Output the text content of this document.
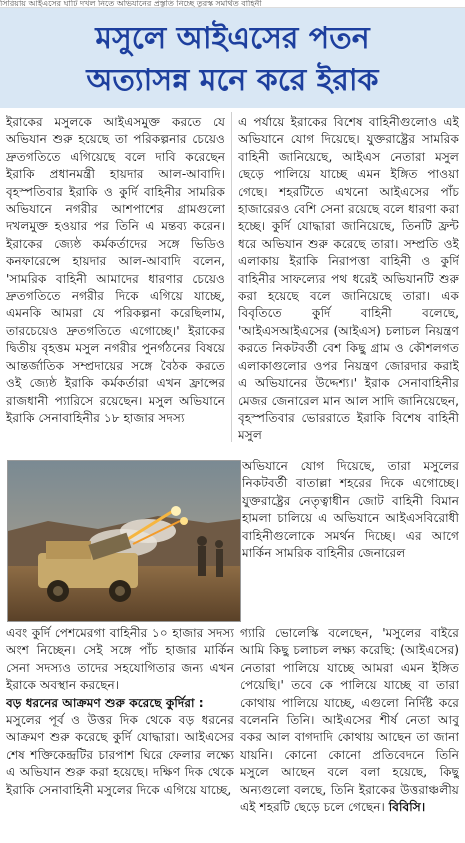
সিরিয়ায় আইএসের ঘাঁটি দখল নিতে অভিযানের প্রস্তুতি নিচ্ছে তুরস্ক সমর্থিত বাহিনী
মসুলে আইএসের পতন
অত্যাসন্ন মনে করে ইরাক

ইরাকের মসুলকে আইএসমুক্ত করতে যে অভিযান শুরু হয়েছে তা পরিকল্পনার চেয়েও দ্রুতগতিতে এগিয়েছে বলে দাবি করেছেন ইরাকি প্রধানমন্ত্রী হায়দার আল-আবাদি। বৃহস্পতিবার ইরাকি ও কুর্দি বাহিনীর সামরিক অভিযানে নগরীর আশপাশের গ্রামগুলো দখলমুক্ত হওয়ার পর তিনি এ মন্তব্য করেন। ইরাকের জ্যেষ্ঠ কর্মকর্তাদের সঙ্গে ভিডিও কনফারেন্সে হায়দার আল-আবাদি বলেন, 'সামরিক বাহিনী আমাদের ধারণার চেয়েও দ্রুতগতিতে নগরীর দিকে এগিয়ে যাচ্ছে, এমনকি আমরা যে পরিকল্পনা করেছিলাম, তারচেয়েও দ্রুতগতিতে এগোচ্ছে।' ইরাকের দ্বিতীয় বৃহত্তম মসুল নগরীর পুনর্গঠনের বিষয়ে আন্তর্জাতিক সম্প্রদায়ের সঙ্গে বৈঠক করতে ওই জ্যেষ্ঠ ইরাকি কর্মকর্তারা এখন ফ্রান্সের রাজধানী প্যারিসে রয়েছেন। মসুল অভিযানে ইরাকি সেনাবাহিনীর ১৮ হাজার সদস্য

এ পর্যায়ে ইরাকের বিশেষ বাহিনীগুলোও এই অভিযানে যোগ দিয়েছে। যুক্তরাষ্ট্রের সামরিক বাহিনী জানিয়েছে, আইএস নেতারা মসুল ছেড়ে পালিয়ে যাচ্ছে এমন ইঙ্গিত পাওয়া গেছে। শহরটিতে এখনো আইএসের পাঁচ হাজারেরও বেশি সেনা রয়েছে বলে ধারণা করা হচ্ছে। কুর্দি যোদ্ধারা জানিয়েছে, তিনটি ফ্রন্ট ধরে অভিযান শুরু করেছে তারা। সম্প্রতি ওই এলাকায় ইরাকি নিরাপত্তা বাহিনী ও কুর্দি বাহিনীর সাফল্যের পথ ধরেই অভিযানটি শুরু করা হয়েছে বলে জানিয়েছে তারা। এক বিবৃতিতে কুর্দি বাহিনী বলেছে, 'আইএসআইএসের (আইএস) চলাচল নিয়ন্ত্রণ করতে নিকটবর্তী বেশ কিছু গ্রাম ও কৌশলগত এলাকাগুলোর ওপর নিয়ন্ত্রণ জোরদার করাই এ অভিযানের উদ্দেশ্য।' ইরাক সেনাবাহিনীর মেজর জেনারেল মান আল সাদি জানিয়েছেন, বৃহস্পতিবার ভোররাতে ইরাকি বিশেষ বাহিনী মসুল

অভিযানে যোগ দিয়েছে, তারা মসুলের নিকটবর্তী বাতাল্লা শহরের দিকে এগোচ্ছে। যুক্তরাষ্ট্রের নেতৃত্বাধীন জোট বাহিনী বিমান হামলা চালিয়ে এ অভিযানে আইএসবিরোধী বাহিনীগুলোকে সমর্থন দিচ্ছে। এর আগে মার্কিন সামরিক বাহিনীর জেনারেল

এবং কুর্দি পেশমেরগা বাহিনীর ১০ হাজার সদস্য অংশ নিচ্ছেন। সেই সঙ্গে পাঁচ হাজার মার্কিন সেনা সদস্যও তাদের সহযোগিতার জন্য এখন ইরাকে অবস্থান করছেন।

বড় ধরনের আক্রমণ শুরু করেছে কুর্দিরা :

মসুলের পূর্ব ও উত্তর দিক থেকে বড় ধরনের আক্রমণ শুরু করেছে কুর্দি যোদ্ধারা। আইএসের শেষ শক্তিকেন্দ্রটির চারপাশ ঘিরে ফেলার লক্ষ্যে এ অভিযান শুরু করা হয়েছে। দক্ষিণ দিক থেকে ইরাকি সেনাবাহিনী মসুলের দিকে এগিয়ে যাচ্ছে,

গ্যারি ভোলেস্কি বলেছেন, 'মসুলের বাইরে আমি কিছু চলাচল লক্ষ্য করেছি: (আইএসের) নেতারা পালিয়ে যাচ্ছে আমরা এমন ইঙ্গিত পেয়েছি।' তবে কে পালিয়ে যাচ্ছে বা তারা কোথায় পালিয়ে যাচ্ছে, এগুলো নির্দিষ্ট করে বলেননি তিনি। আইএসের শীর্ষ নেতা আবু বকর আল বাগদাদি কোথায় আছেন তা জানা যায়নি। কোনো কোনো প্রতিবেদনে তিনি মসুলে আছেন বলে বলা হয়েছে, কিছু অন্যগুলো বলছে, তিনি ইরাকের উত্তরাঞ্চলীয় এই শহরটি ছেড়ে চলে গেছেন। বিবিসি।
